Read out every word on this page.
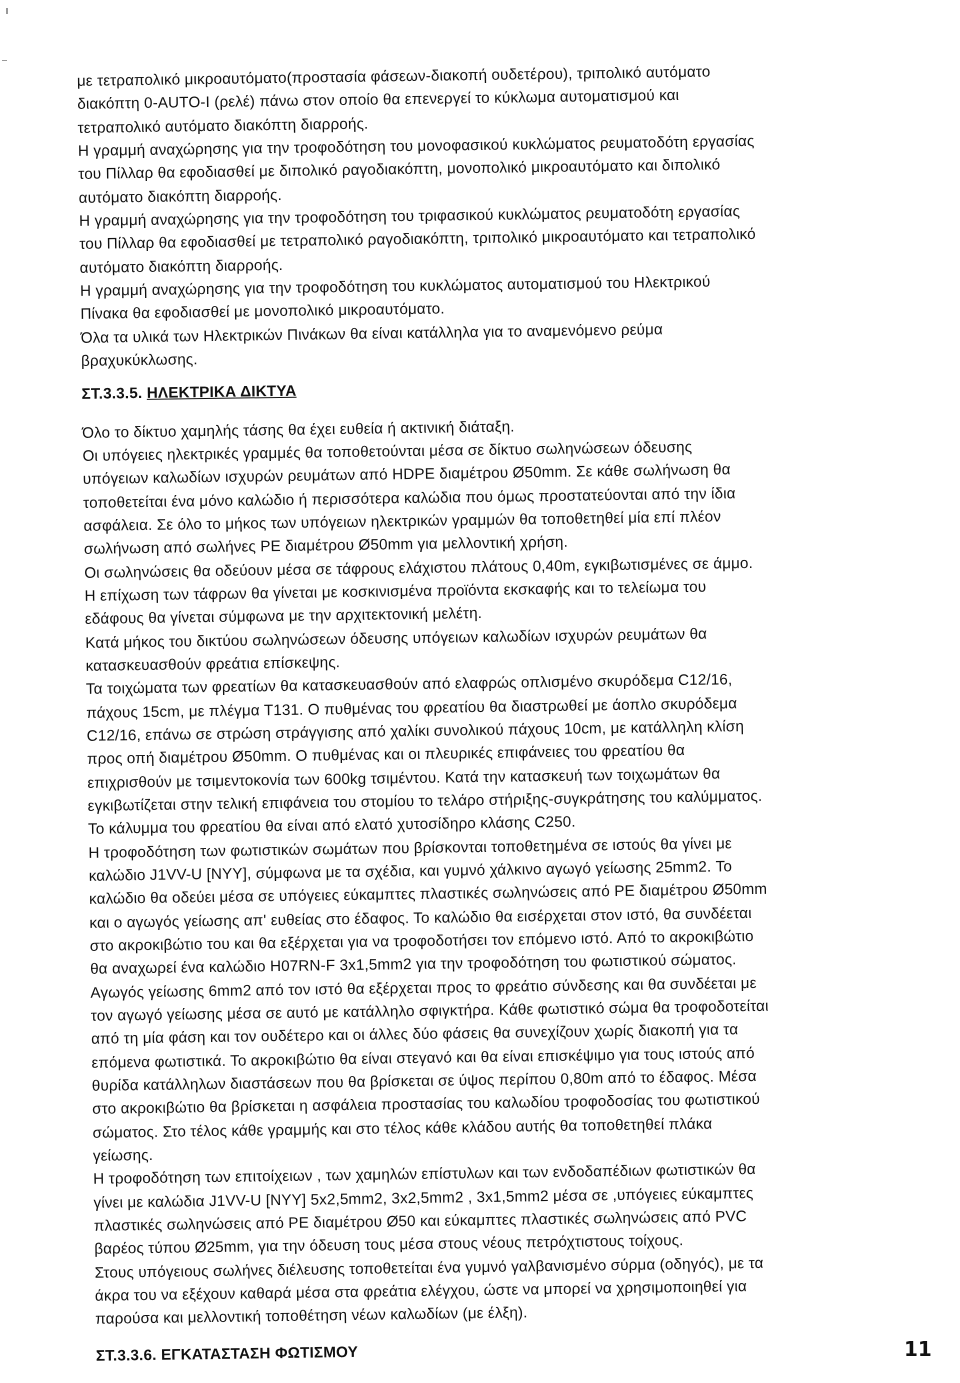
με τετραπολικό μικροαυτόματο(προστασία φάσεων-διακοπή ουδετέρου), τριπολικό αυτόματο
διακόπτη 0-AUTO-I (ρελέ) πάνω στον οποίο θα επενεργεί το κύκλωμα αυτοματισμού και
τετραπολικό αυτόματο διακόπτη διαρροής.
Η γραμμή αναχώρησης για την τροφοδότηση του μονοφασικού κυκλώματος ρευματοδότη εργασίας
του Πίλλαρ θα εφοδιασθεί με διπολικό ραγοδιακόπτη, μονοπολικό μικροαυτόματο και διπολικό
αυτόματο διακόπτη διαρροής.
Η γραμμή αναχώρησης για την τροφοδότηση του τριφασικού κυκλώματος ρευματοδότη εργασίας
του Πίλλαρ θα εφοδιασθεί με τετραπολικό ραγοδιακόπτη, τριπολικό μικροαυτόματο και τετραπολικό
αυτόματο διακόπτη διαρροής.
Η γραμμή αναχώρησης για την τροφοδότηση του κυκλώματος αυτοματισμού του Ηλεκτρικού
Πίνακα θα εφοδιασθεί με μονοπολικό μικροαυτόματο.
Όλα τα υλικά των Ηλεκτρικών Πινάκων θα είναι κατάλληλα για το αναμενόμενο ρεύμα
βραχυκύκλωσης.
ΣΤ.3.3.5. ΗΛΕΚΤΡΙΚΑ ΔΙΚΤΥΑ
Όλο το δίκτυο χαμηλής τάσης θα έχει ευθεία ή ακτινική διάταξη.
Οι υπόγειες ηλεκτρικές γραμμές θα τοποθετούνται μέσα σε δίκτυο σωληνώσεων όδευσης
υπόγειων καλωδίων ισχυρών ρευμάτων από HDPE διαμέτρου Ø50mm. Σε κάθε σωλήνωση θα
τοποθετείται ένα μόνο καλώδιο ή περισσότερα καλώδια που όμως προστατεύονται από την ίδια
ασφάλεια. Σε όλο το μήκος των υπόγειων ηλεκτρικών γραμμών θα τοποθετηθεί μία επί πλέον
σωλήνωση από σωλήνες PE διαμέτρου Ø50mm για μελλοντική χρήση.
Οι σωληνώσεις θα οδεύουν μέσα σε τάφρους ελάχιστου πλάτους 0,40m, εγκιβωτισμένες σε άμμο.
Η επίχωση των τάφρων θα γίνεται με κοσκινισμένα προϊόντα εκσκαφής και το τελείωμα του
εδάφους θα γίνεται σύμφωνα με την αρχιτεκτονική μελέτη.
Κατά μήκος του δικτύου σωληνώσεων όδευσης υπόγειων καλωδίων ισχυρών ρευμάτων θα
κατασκευασθούν φρεάτια επίσκεψης.
Τα τοιχώματα των φρεατίων θα κατασκευασθούν από ελαφρώς οπλισμένο σκυρόδεμα C12/16,
πάχους 15cm, με πλέγμα Τ131. Ο πυθμένας του φρεατίου θα διαστρωθεί με άοπλο σκυρόδεμα
C12/16, επάνω σε στρώση στράγγισης από χαλίκι συνολικού πάχους 10cm, με κατάλληλη κλίση
προς οπή διαμέτρου Ø50mm. Ο πυθμένας και οι πλευρικές επιφάνειες του φρεατίου θα
επιχρισθούν με τσιμεντοκονία των 600kg τσιμέντου. Κατά την κατασκευή των τοιχωμάτων θα
εγκιβωτίζεται στην τελική επιφάνεια του στομίου το τελάρο στήριξης-συγκράτησης του καλύμματος.
Το κάλυμμα του φρεατίου θα είναι από ελατό χυτοσίδηρο κλάσης C250.
Η τροφοδότηση των φωτιστικών σωμάτων που βρίσκονται τοποθετημένα σε ιστούς θα γίνει με
καλώδιο J1VV-U [NYY], σύμφωνα με τα σχέδια, και γυμνό χάλκινο αγωγό γείωσης 25mm2. Το
καλώδιο θα οδεύει μέσα σε υπόγειες εύκαμπτες πλαστικές σωληνώσεις από PE διαμέτρου Ø50mm
και ο αγωγός γείωσης απ' ευθείας στο έδαφος. Το καλώδιο θα εισέρχεται στον ιστό, θα συνδέεται
στο ακροκιβώτιο του και θα εξέρχεται για να τροφοδοτήσει τον επόμενο ιστό. Από το ακροκιβώτιο
θα αναχωρεί ένα καλώδιο H07RN-F 3x1,5mm2 για την τροφοδότηση του φωτιστικού σώματος.
Αγωγός γείωσης 6mm2 από τον ιστό θα εξέρχεται προς το φρεάτιο σύνδεσης και θα συνδέεται με
τον αγωγό γείωσης μέσα σε αυτό με κατάλληλο σφιγκτήρα. Κάθε φωτιστικό σώμα θα τροφοδοτείται
από τη μία φάση και τον ουδέτερο και οι άλλες δύο φάσεις θα συνεχίζουν χωρίς διακοπή για τα
επόμενα φωτιστικά. Το ακροκιβώτιο θα είναι στεγανό και θα είναι επισκέψιμο για τους ιστούς από
θυρίδα κατάλληλων διαστάσεων που θα βρίσκεται σε ύψος περίπου 0,80m από το έδαφος. Μέσα
στο ακροκιβώτιο θα βρίσκεται η ασφάλεια προστασίας του καλωδίου τροφοδοσίας του φωτιστικού
σώματος. Στο τέλος κάθε γραμμής και στο τέλος κάθε κλάδου αυτής θα τοποθετηθεί πλάκα
γείωσης.
Η τροφοδότηση των επιτοίχειων , των χαμηλών επίστυλων και των ενδοδαπέδιων φωτιστικών θα
γίνει με καλώδια J1VV-U [NYY] 5x2,5mm2, 3x2,5mm2 , 3x1,5mm2 μέσα σε ,υπόγειες εύκαμπτες
πλαστικές σωληνώσεις από PE διαμέτρου Ø50 και εύκαμπτες πλαστικές σωληνώσεις από PVC
βαρέος τύπου Ø25mm, για την όδευση τους μέσα στους νέους πετρόχτιστους τοίχους.
Στους υπόγειους σωλήνες διέλευσης τοποθετείται ένα γυμνό γαλβανισμένο σύρμα (οδηγός), με τα
άκρα του να εξέχουν καθαρά μέσα στα φρεάτια ελέγχου, ώστε να μπορεί να χρησιμοποιηθεί για
παρούσα και μελλοντική τοποθέτηση νέων καλωδίων (με έλξη).
ΣΤ.3.3.6. ΕΓΚΑΤΑΣΤΑΣΗ ΦΩΤΙΣΜΟΥ	11
